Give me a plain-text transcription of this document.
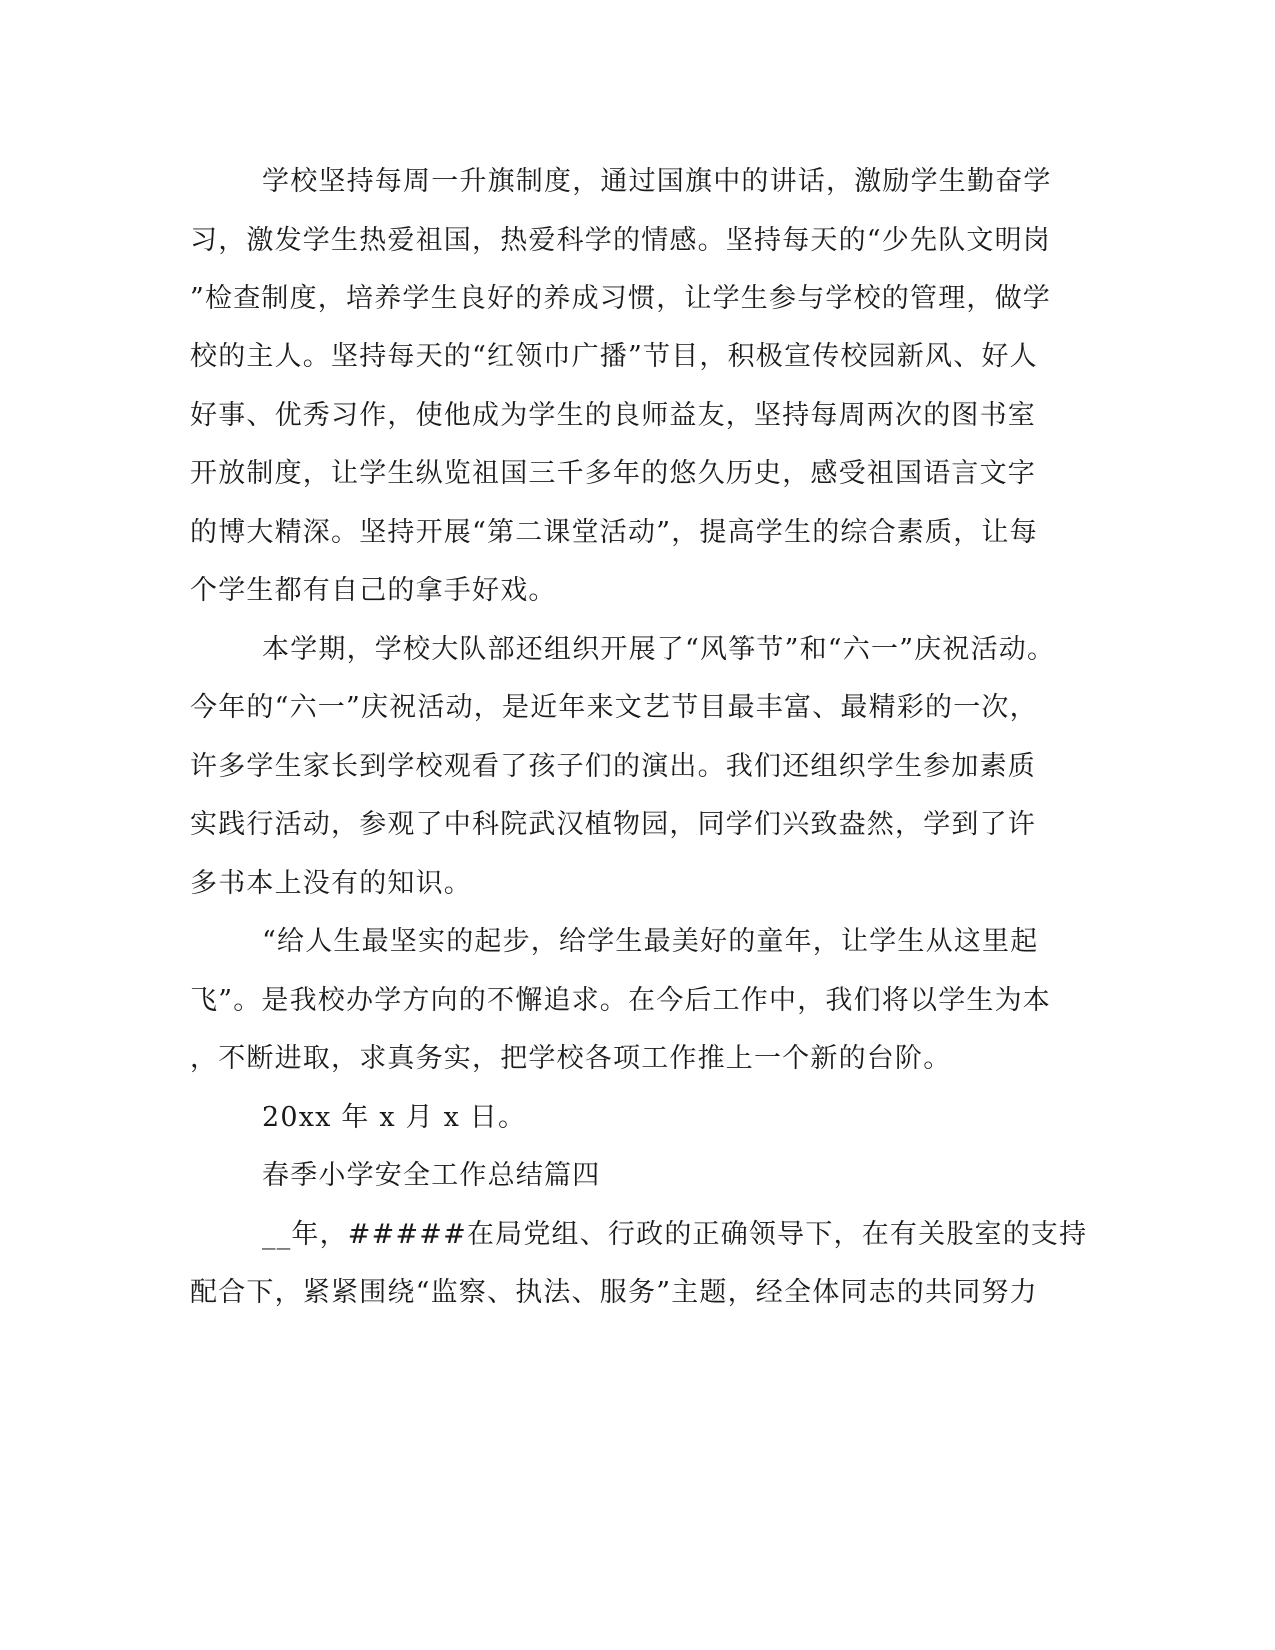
学校坚持每周一升旗制度，通过国旗中的讲话，激励学生勤奋学
习，激发学生热爱祖国，热爱科学的情感。坚持每天的“少先队文明岗
”检查制度，培养学生良好的养成习惯，让学生参与学校的管理，做学
校的主人。坚持每天的“红领巾广播”节目，积极宣传校园新风、好人
好事、优秀习作，使他成为学生的良师益友，坚持每周两次的图书室
开放制度，让学生纵览祖国三千多年的悠久历史，感受祖国语言文字
的博大精深。坚持开展“第二课堂活动”，提高学生的综合素质，让每
个学生都有自己的拿手好戏。
本学期，学校大队部还组织开展了“风筝节”和“六一”庆祝活动。
今年的“六一”庆祝活动，是近年来文艺节目最丰富、最精彩的一次，
许多学生家长到学校观看了孩子们的演出。我们还组织学生参加素质
实践行活动，参观了中科院武汉植物园，同学们兴致盎然，学到了许
多书本上没有的知识。
“给人生最坚实的起步，给学生最美好的童年，让学生从这里起
飞”。是我校办学方向的不懈追求。在今后工作中，我们将以学生为本
，不断进取，求真务实，把学校各项工作推上一个新的台阶。
20xx 年 x 月 x 日。
春季小学安全工作总结篇四
__年，#####在局党组、行政的正确领导下，在有关股室的支持
配合下，紧紧围绕“监察、执法、服务”主题，经全体同志的共同努力
